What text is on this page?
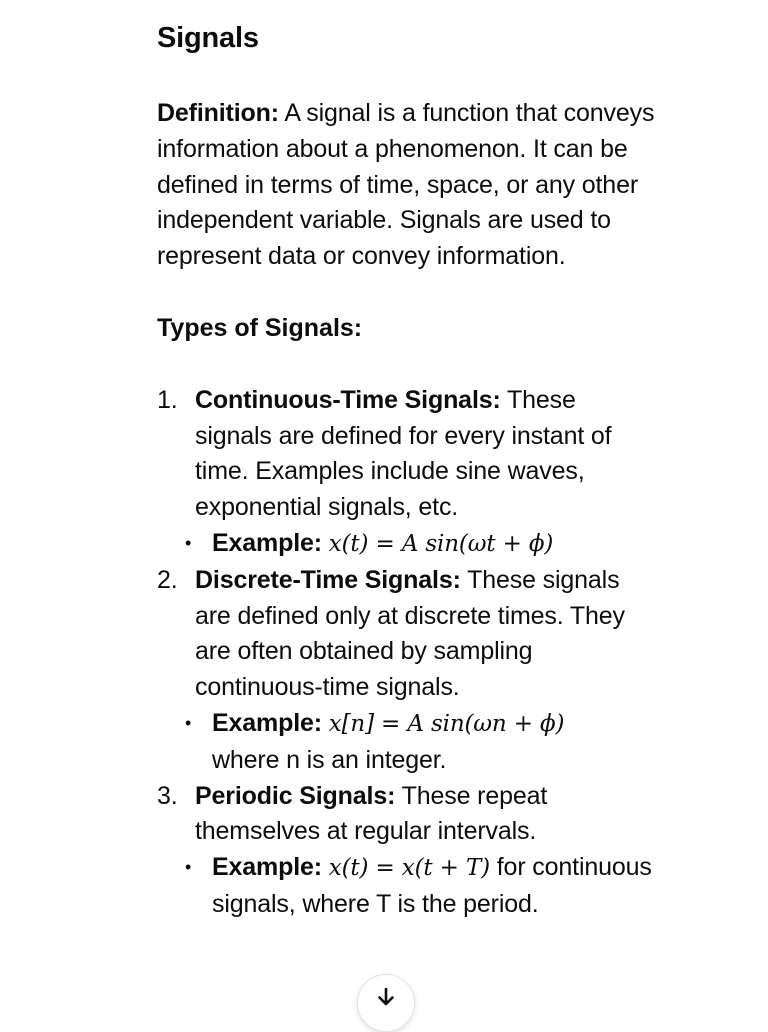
Signals
Definition: A signal is a function that conveys information about a phenomenon. It can be defined in terms of time, space, or any other independent variable. Signals are used to represent data or convey information.
Types of Signals:
1. Continuous-Time Signals: These signals are defined for every instant of time. Examples include sine waves, exponential signals, etc.
• Example: x(t) = A sin(ωt + ϕ)
2. Discrete-Time Signals: These signals are defined only at discrete times. They are often obtained by sampling continuous-time signals.
• Example: x[n] = A sin(ωn + ϕ)
where n is an integer.
3. Periodic Signals: These repeat themselves at regular intervals.
• Example: x(t) = x(t + T) for continuous signals, where T is the period.
